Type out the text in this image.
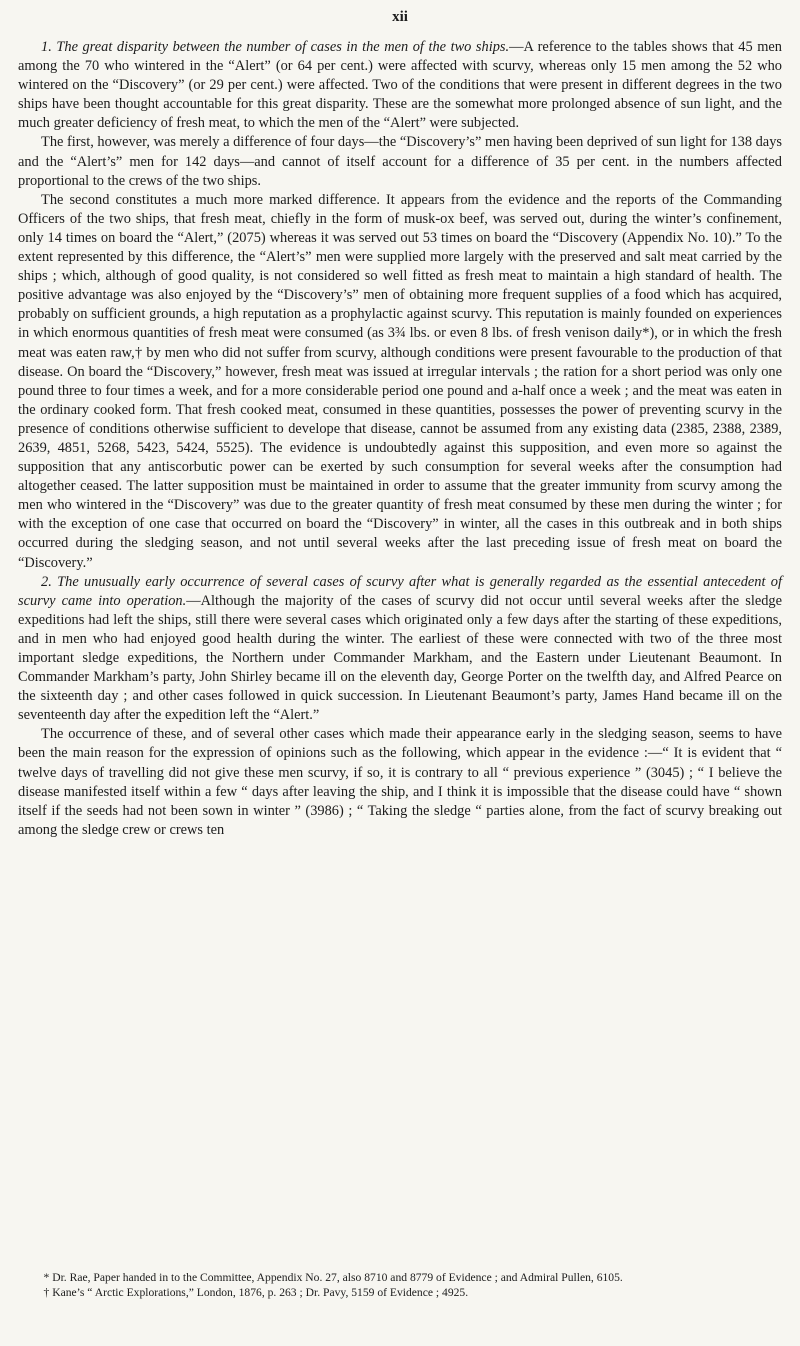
xii

1. The great disparity between the number of cases in the men of the two ships.—A reference to the tables shows that 45 men among the 70 who wintered in the “Alert” (or 64 per cent.) were affected with scurvy, whereas only 15 men among the 52 who wintered on the “Discovery” (or 29 per cent.) were affected. Two of the conditions that were present in different degrees in the two ships have been thought accountable for this great disparity. These are the somewhat more prolonged absence of sun light, and the much greater deficiency of fresh meat, to which the men of the “Alert” were subjected.

The first, however, was merely a difference of four days—the “Discovery’s” men having been deprived of sun light for 138 days and the “Alert’s” men for 142 days—and cannot of itself account for a difference of 35 per cent. in the numbers affected proportional to the crews of the two ships.

The second constitutes a much more marked difference. It appears from the evidence and the reports of the Commanding Officers of the two ships, that fresh meat, chiefly in the form of musk-ox beef, was served out, during the winter’s confinement, only 14 times on board the “Alert,” (2075) whereas it was served out 53 times on board the “Discovery (Appendix No. 10).” To the extent represented by this difference, the “Alert’s” men were supplied more largely with the preserved and salt meat carried by the ships ; which, although of good quality, is not considered so well fitted as fresh meat to maintain a high standard of health. The positive advantage was also enjoyed by the “Discovery’s” men of obtaining more frequent supplies of a food which has acquired, probably on sufficient grounds, a high reputation as a prophylactic against scurvy. This reputation is mainly founded on experiences in which enormous quantities of fresh meat were consumed (as 3¾ lbs. or even 8 lbs. of fresh venison daily*), or in which the fresh meat was eaten raw,† by men who did not suffer from scurvy, although conditions were present favourable to the production of that disease. On board the “Discovery,” however, fresh meat was issued at irregular intervals ; the ration for a short period was only one pound three to four times a week, and for a more considerable period one pound and a-half once a week ; and the meat was eaten in the ordinary cooked form. That fresh cooked meat, consumed in these quantities, possesses the power of preventing scurvy in the presence of conditions otherwise sufficient to develope that disease, cannot be assumed from any existing data (2385, 2388, 2389, 2639, 4851, 5268, 5423, 5424, 5525). The evidence is undoubtedly against this supposition, and even more so against the supposition that any antiscorbutic power can be exerted by such consumption for several weeks after the consumption had altogether ceased. The latter supposition must be maintained in order to assume that the greater immunity from scurvy among the men who wintered in the “Discovery” was due to the greater quantity of fresh meat consumed by these men during the winter ; for with the exception of one case that occurred on board the “Discovery” in winter, all the cases in this outbreak and in both ships occurred during the sledging season, and not until several weeks after the last preceding issue of fresh meat on board the “Discovery.”

2. The unusually early occurrence of several cases of scurvy after what is generally regarded as the essential antecedent of scurvy came into operation.—Although the majority of the cases of scurvy did not occur until several weeks after the sledge expeditions had left the ships, still there were several cases which originated only a few days after the starting of these expeditions, and in men who had enjoyed good health during the winter. The earliest of these were connected with two of the three most important sledge expeditions, the Northern under Commander Markham, and the Eastern under Lieutenant Beaumont. In Commander Markham’s party, John Shirley became ill on the eleventh day, George Porter on the twelfth day, and Alfred Pearce on the sixteenth day ; and other cases followed in quick succession. In Lieutenant Beaumont’s party, James Hand became ill on the seventeenth day after the expedition left the “Alert.”

The occurrence of these, and of several other cases which made their appearance early in the sledging season, seems to have been the main reason for the expression of opinions such as the following, which appear in the evidence :—“ It is evident that “ twelve days of travelling did not give these men scurvy, if so, it is contrary to all “ previous experience ” (3045) ; “ I believe the disease manifested itself within a few “ days after leaving the ship, and I think it is impossible that the disease could have “ shown itself if the seeds had not been sown in winter ” (3986) ; “ Taking the sledge “ parties alone, from the fact of scurvy breaking out among the sledge crew or crews ten

* Dr. Rae, Paper handed in to the Committee, Appendix No. 27, also 8710 and 8779 of Evidence ; and Admiral Pullen, 6105.

† Kane’s “ Arctic Explorations,” London, 1876, p. 263 ; Dr. Pavy, 5159 of Evidence ; 4925.
